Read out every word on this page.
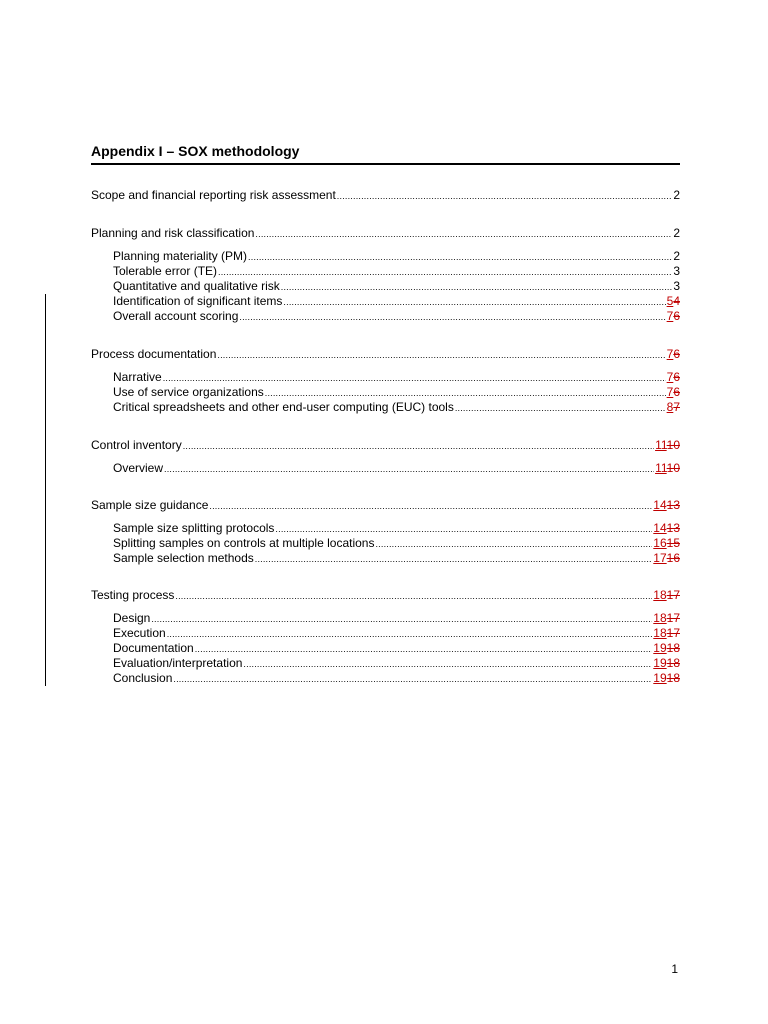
Appendix I – SOX methodology
Scope and financial reporting risk assessment .....	2
Planning and risk classification .....	2
Planning materiality (PM) .....	2
Tolerable error (TE) .....	3
Quantitative and qualitative risk .....	3
Identification of significant items .....	54
Overall account scoring .....	76
Process documentation .....	76
Narrative .....	76
Use of service organizations .....	76
Critical spreadsheets and other end-user computing (EUC) tools .....	87
Control inventory .....	1110
Overview .....	1110
Sample size guidance .....	1413
Sample size splitting protocols .....	1413
Splitting samples on controls at multiple locations .....	1615
Sample selection methods .....	1716
Testing process .....	1817
Design .....	1817
Execution .....	1817
Documentation .....	1918
Evaluation/interpretation .....	1918
Conclusion .....	1918
1
